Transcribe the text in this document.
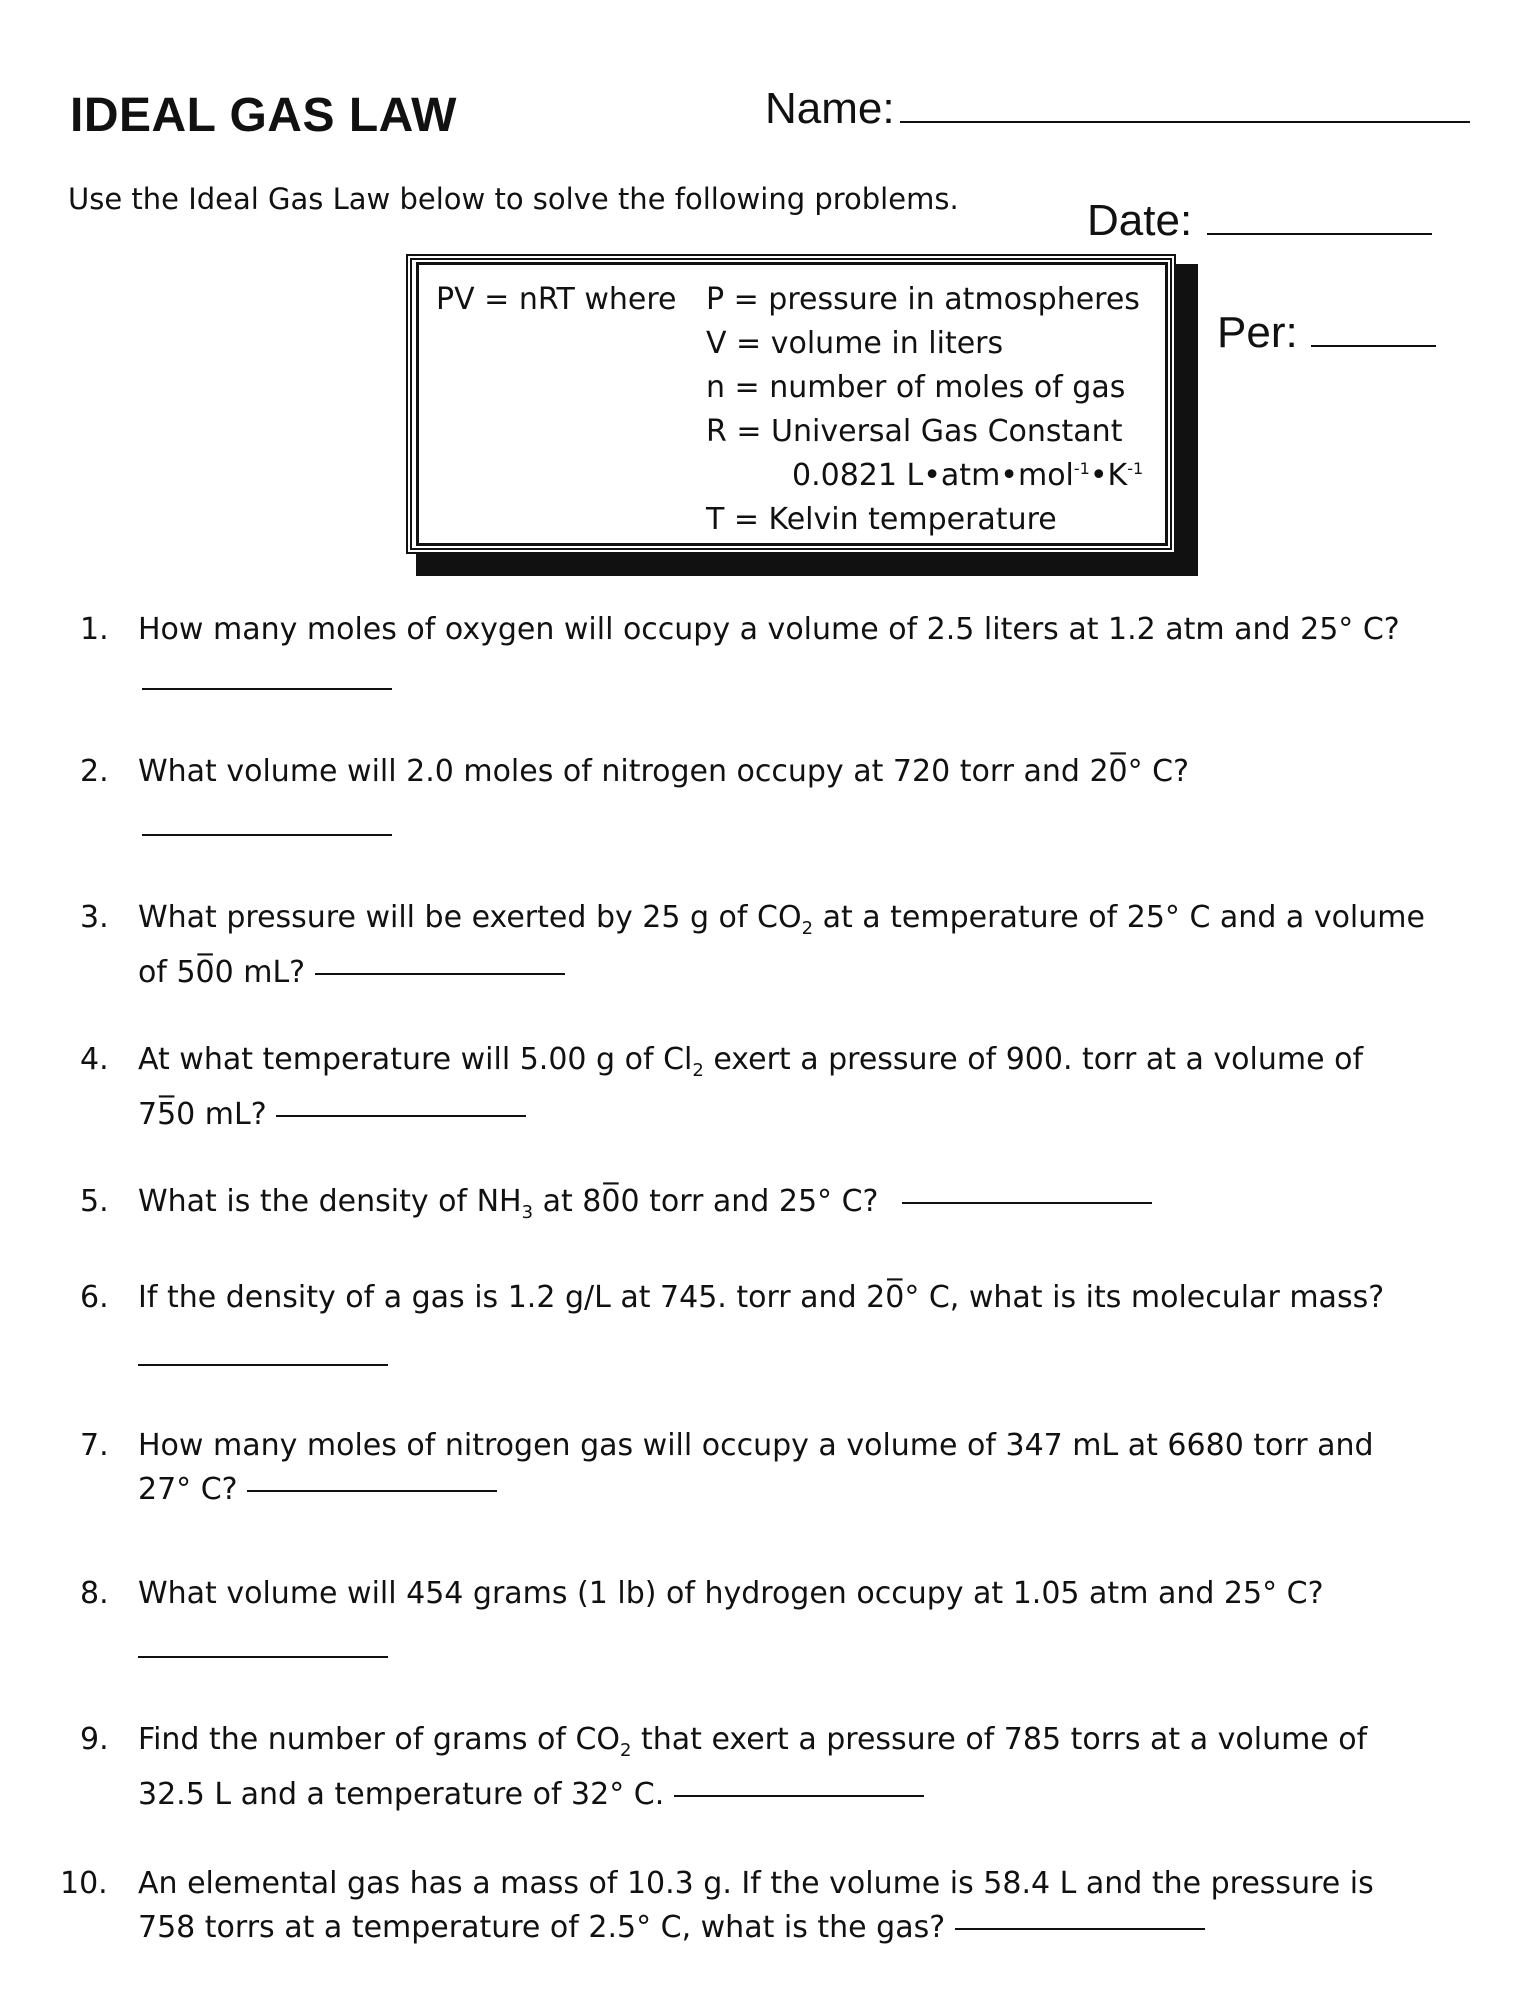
IDEAL GAS LAW	Name:
Date:
Per:
Use the Ideal Gas Law below to solve the following problems.
PV = nRT where P = pressure in atmospheres
V = volume in liters
n = number of moles of gas
R = Universal Gas Constant
0.0821 $L•atm•mol^{-1}•K^{-1}$
T = Kelvin temperature
1. How many moles of oxygen will occupy a volume of 2.5 liters at 1.2 atm and 25° C?
2. What volume will 2.0 moles of nitrogen occupy at 720 torr and 20̅° C?
3. What pressure will be exerted by 25 g of $CO_2$ at a temperature of 25° C and a volume
of 50̅0 mL?
4. At what temperature will 5.00 g of $Cl_2$ exert a pressure of 900. torr at a volume of
75̅0 mL?
5. What is the density of $NH_3$ at 80̅0 torr and 25° C?
6. If the density of a gas is 1.2 g/L at 745. torr and 20̅° C, what is its molecular mass?
7. How many moles of nitrogen gas will occupy a volume of 347 mL at 6680 torr and
27° C?
8. What volume will 454 grams (1 lb) of hydrogen occupy at 1.05 atm and 25° C?
9. Find the number of grams of $CO_2$ that exert a pressure of 785 torrs at a volume of
32.5 L and a temperature of 32° C.
10. An elemental gas has a mass of 10.3 g. If the volume is 58.4 L and the pressure is
758 torrs at a temperature of 2.5° C, what is the gas?
